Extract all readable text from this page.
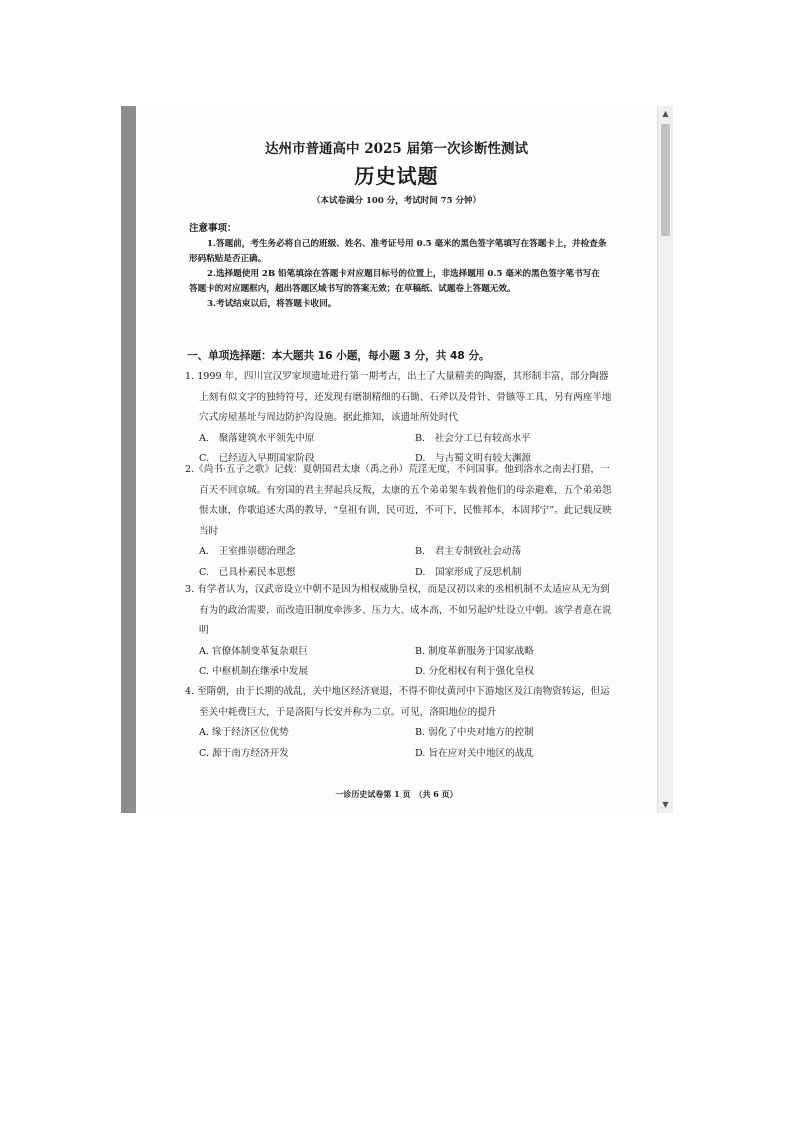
达州市普通高中 2025 届第一次诊断性测试
历史试题
（本试卷满分 100 分，考试时间 75 分钟）
注意事项：

1.答题前，考生务必将自己的班级、姓名、准考证号用 0.5 毫米的黑色签字笔填写在答题卡上，并检查条形码粘贴是否正确。

2.选择题使用 2B 铅笔填涂在答题卡对应题目标号的位置上，非选择题用 0.5 毫米的黑色签字笔书写在答题卡的对应题框内，超出答题区域书写的答案无效；在草稿纸、试题卷上答题无效。

3.考试结束以后，将答题卡收回。

一、单项选择题：本大题共 16 小题，每小题 3 分，共 48 分。

1. 1999 年，四川宣汉罗家坝遗址进行第一期考古，出土了大量精美的陶器，其形制丰富，部分陶器上刻有似文字的独特符号，还发现有磨制精细的石锄、石斧以及骨针、骨镞等工具，另有两座半地穴式房屋基址与周边防护沟设施。据此推知，该遗址所处时代

A.　聚落建筑水平领先中原	B.　社会分工已有较高水平
C.　已经迈入早期国家阶段	D.　与古蜀文明有较大渊源

2.《尚书·五子之歌》记载：夏朝国君太康（禹之孙）荒淫无度，不问国事。他到洛水之南去打猎，一百天不回京城。有穷国的君主羿起兵反叛，太康的五个弟弟架车载着他们的母亲避难，五个弟弟怨恨太康，作歌追述大禹的教导，“皇祖有训，民可近，不可下，民惟邦本，本固邦宁”。此记载反映当时

A.　王室推崇德治理念	B.　君主专制致社会动荡
C.　已具朴素民本思想	D.　国家形成了反思机制

3. 有学者认为，汉武帝设立中朝不是因为相权威胁皇权，而是汉初以来的丞相机制不太适应从无为到有为的政治需要，而改造旧制度牵涉多、压力大、成本高，不如另起炉灶设立中朝。该学者意在说明

A. 官僚体制变革复杂艰巨	B. 制度革新服务于国家战略
C. 中枢机制在继承中发展	D. 分化相权有利于强化皇权

4. 至隋朝，由于长期的战乱，关中地区经济衰退，不得不仰仗黄河中下游地区及江南物资转运，但运至关中耗费巨大，于是洛阳与长安并称为二京。可见，洛阳地位的提升

A. 缘于经济区位优势	B. 弱化了中央对地方的控制
C. 源于南方经济开发	D. 旨在应对关中地区的战乱
一诊历史试卷第 1 页　（共 6 页）
▲
▼
